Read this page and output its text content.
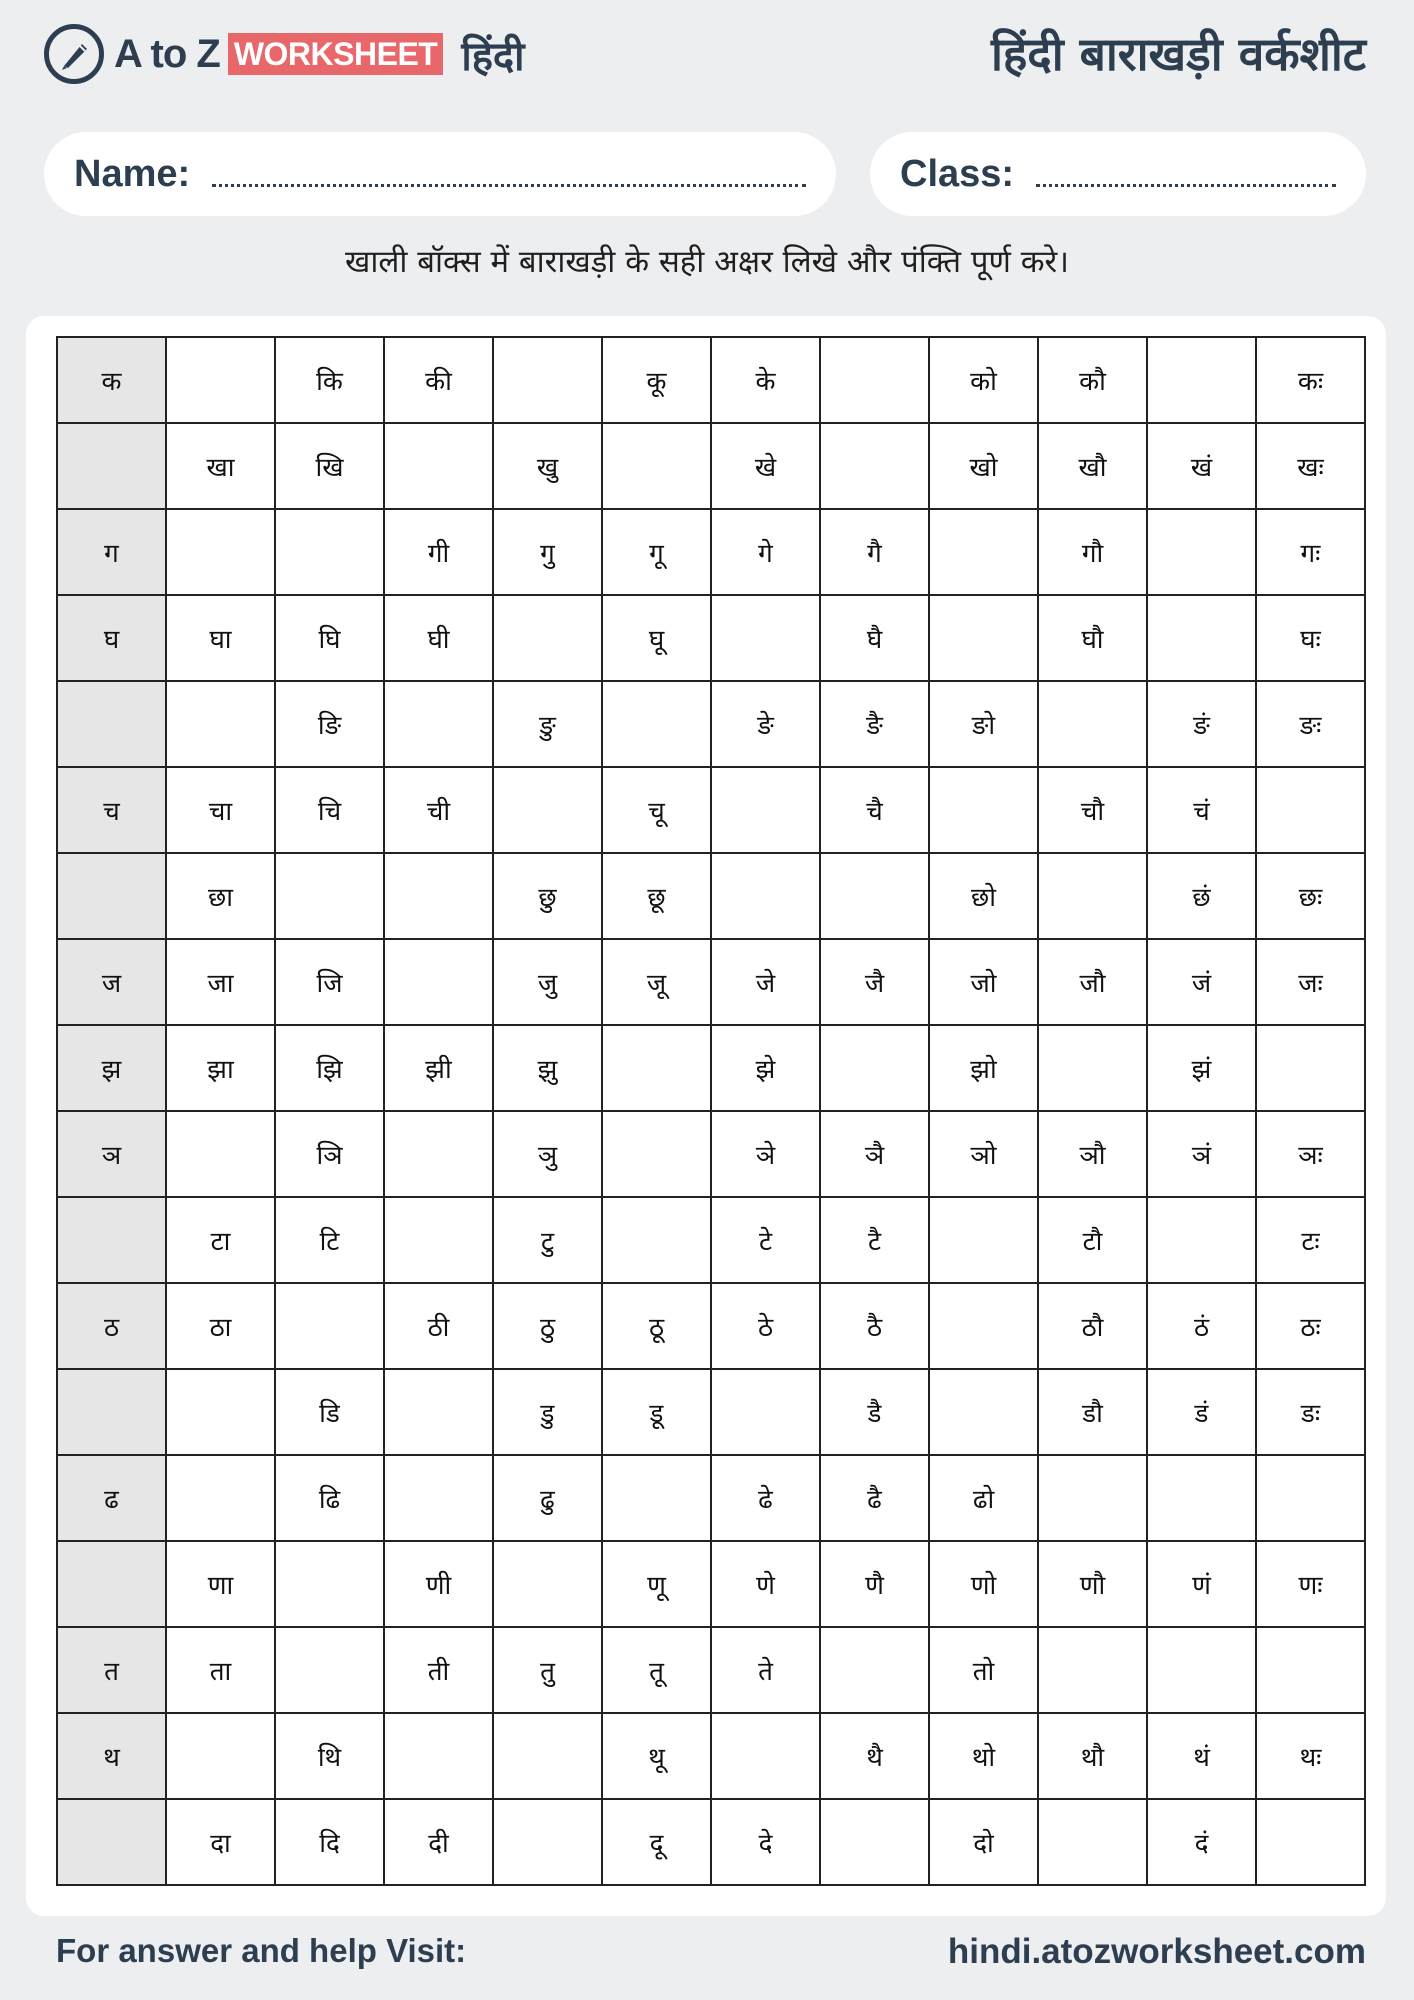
A to Z WORKSHEET हिंदी	हिंदी बाराखड़ी वर्कशीट
Name:	Class:
खाली बॉक्स में बाराखड़ी के सही अक्षर लिखे और पंक्ति पूर्ण करे।
क		कि	की		कू	के		को	कौ		कः
	खा	खि		खु		खे		खो	खौ	खं	खः
ग			गी	गु	गू	गे	गै		गौ		गः
घ	घा	घि	घी		घू		घै		घौ		घः
		ङि		ङु		ङे	ङै	ङो		ङं	ङः
च	चा	चि	ची		चू		चै		चौ	चं	
	छा			छु	छू			छो		छं	छः
ज	जा	जि		जु	जू	जे	जै	जो	जौ	जं	जः
झ	झा	झि	झी	झु		झे		झो		झं	
ञ		ञि		ञु		ञे	ञै	ञो	ञौ	ञं	ञः
	टा	टि		टु		टे	टै		टौ		टः
ठ	ठा		ठी	ठु	ठू	ठे	ठै		ठौ	ठं	ठः
		डि		डु	डू		डै		डौ	डं	डः
ढ		ढि		ढु		ढे	ढै	ढो			
	णा		णी		णू	णे	णै	णो	णौ	णं	णः
त	ता		ती	तु	तू	ते		तो			
थ		थि			थू		थै	थो	थौ	थं	थः
	दा	दि	दी		दू	दे		दो		दं	
For answer and help Visit:	hindi.atozworksheet.com
